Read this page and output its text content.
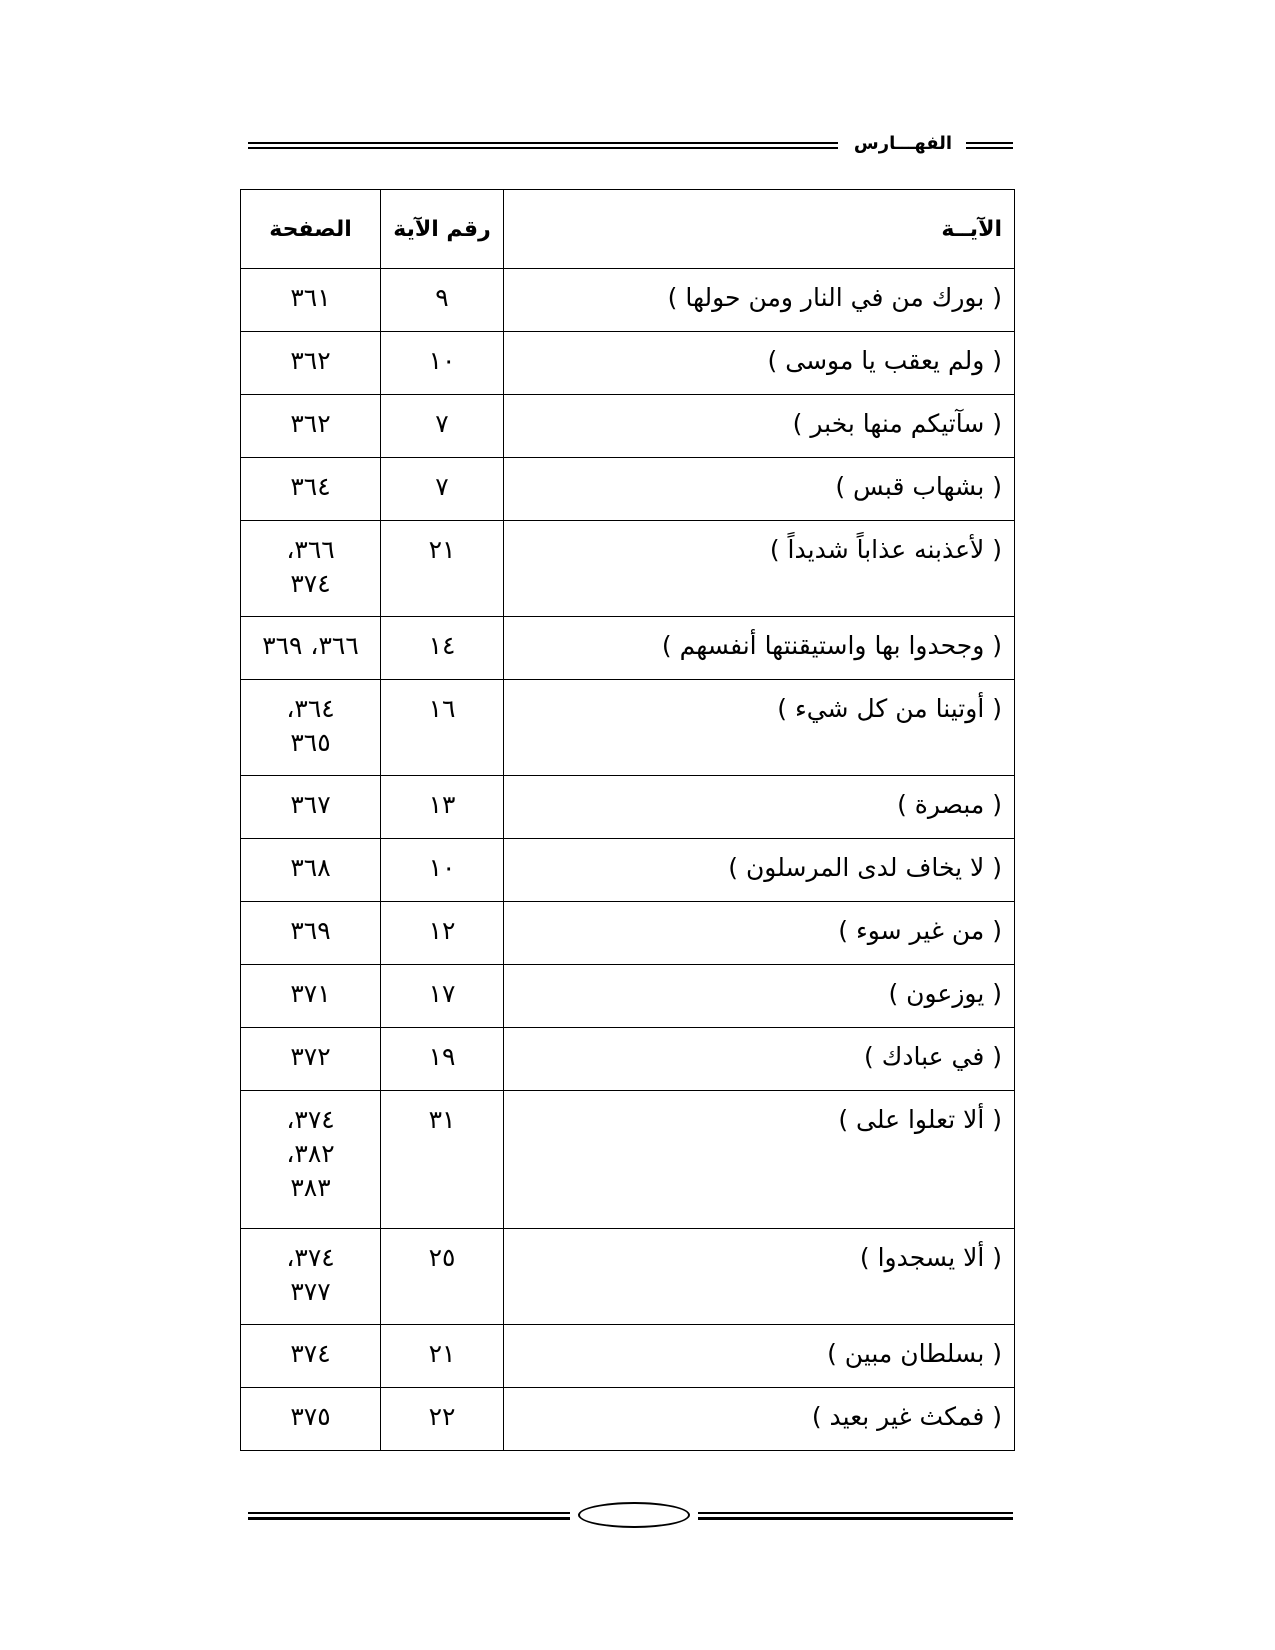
الفهـــارس
الآيــة	رقم الآية	الصفحة
( بورك من في النار ومن حولها )	٩	٣٦١

( ولم يعقب يا موسى )	١٠	٣٦٢

( سآتيكم منها بخبر )	٧	٣٦٢

( بشهاب قبس )	٧	٣٦٤

( لأعذبنه عذاباً شديداً )	٢١	٣٦٦،
٣٧٤

( وجحدوا بها واستيقنتها أنفسهم )	١٤	٣٦٦، ٣٦٩

( أوتينا من كل شيء )	١٦	٣٦٤،
٣٦٥

( مبصرة )	١٣	٣٦٧

( لا يخاف لدى المرسلون )	١٠	٣٦٨

( من غير سوء )	١٢	٣٦٩

( يوزعون )	١٧	٣٧١

( في عبادك )	١٩	٣٧٢

( ألا تعلوا على )	٣١	٣٧٤،
٣٨٢،
٣٨٣

( ألا يسجدوا )	٢٥	٣٧٤،
٣٧٧

( بسلطان مبين )	٢١	٣٧٤

( فمكث غير بعيد )	٢٢	٣٧٥
